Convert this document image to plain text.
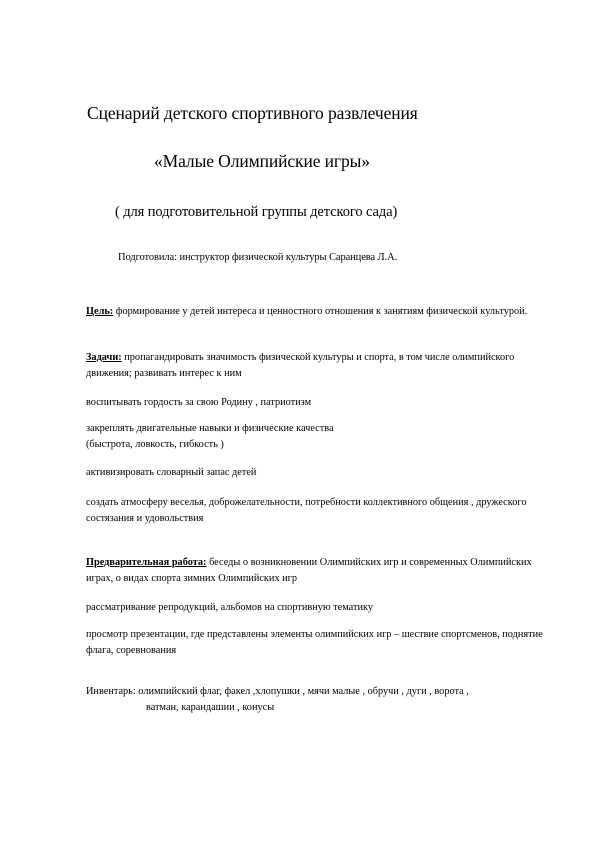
Сценарий детского спортивного развлечения
«Малые Олимпийские игры»
( для подготовительной группы детского сада)
Подготовила: инструктор физической культуры Саранцева Л.А.

Цель: формирование у детей интереса и ценностного отношения к занятиям физической культурой.

Задачи: пропагандировать значимость физической культуры и спорта, в том числе олимпийского движения; развивать интерес к ним

воспитывать гордость за свою Родину , патриотизм

закреплять двигательные навыки и физические качества

(быстрота, ловкость, гибкость )

активизировать словарный запас детей

создать атмосферу веселья, доброжелательности, потребности коллективного общения , дружеского состязания и удовольствия

Предварительная работа: беседы о возникновении Олимпийских игр и современных Олимпийских играх, о видах спорта зимних Олимпийских игр

рассматривание репродукций, альбомов на спортивную тематику

просмотр презентации, где представлены элементы олимпийских игр – шествие спортсменов, поднятие флага, соревнования

Инвентарь: олимпийский флаг, факел ,хлопушки , мячи малые , обручи , дуги , ворота ,

ватман, карандашии , конусы
